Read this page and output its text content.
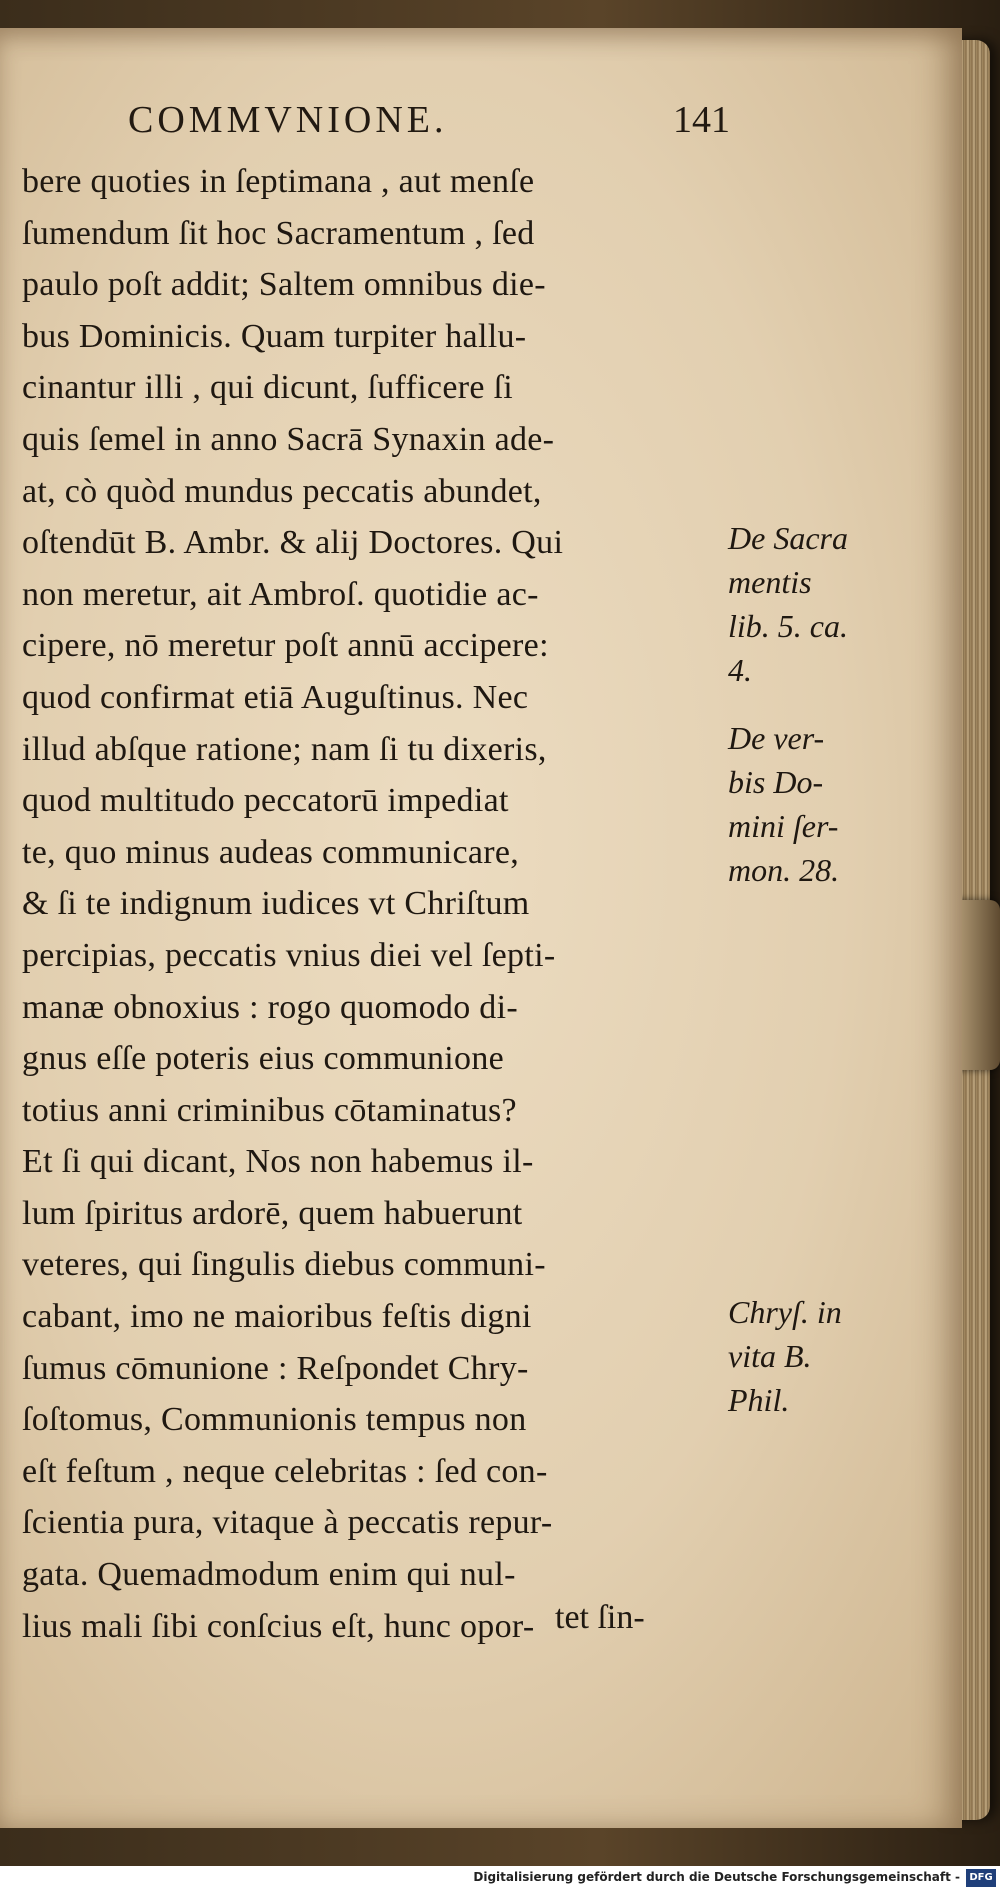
COMMVNIONE.	141
bere quoties in ſeptimana , aut menſe
ſumendum ſit hoc Sacramentum , ſed
paulo poſt addit; Saltem omnibus die-
bus Dominicis. Quam turpiter hallu-
cinantur illi , qui dicunt, ſufficere ſi
quis ſemel in anno Sacrā Synaxin ade-
at, cò quòd mundus peccatis abundet,
oſtendūt B. Ambr. & alij Doctores. Qui
non meretur, ait Ambroſ. quotidie ac-
cipere, nō meretur poſt annū accipere:
quod confirmat etiā Auguſtinus. Nec
illud abſque ratione; nam ſi tu dixeris,
quod multitudo peccatorū impediat
te, quo minus audeas communicare,
& ſi te indignum iudices vt Chriſtum
percipias, peccatis vnius diei vel ſepti-
manæ obnoxius : rogo quomodo di-
gnus eſſe poteris eius communione
totius anni criminibus cōtaminatus?
Et ſi qui dicant, Nos non habemus il-
lum ſpiritus ardorē, quem habuerunt
veteres, qui ſingulis diebus communi-
cabant, imo ne maioribus feſtis digni
ſumus cōmunione : Reſpondet Chry-
ſoſtomus, Communionis tempus non
eſt feſtum , neque celebritas : ſed con-
ſcientia pura, vitaque à peccatis repur-
gata. Quemadmodum enim qui nul-
lius mali ſibi conſcius eſt, hunc opor- tet ſin-
De Sacra
mentis
lib. 5. ca.
4.
De ver-
bis Do-
mini ſer-
mon. 28.
Chryſ. in
vita B.
Phil.
Digitalisierung gefördert durch die Deutsche Forschungsgemeinschaft - DFG
